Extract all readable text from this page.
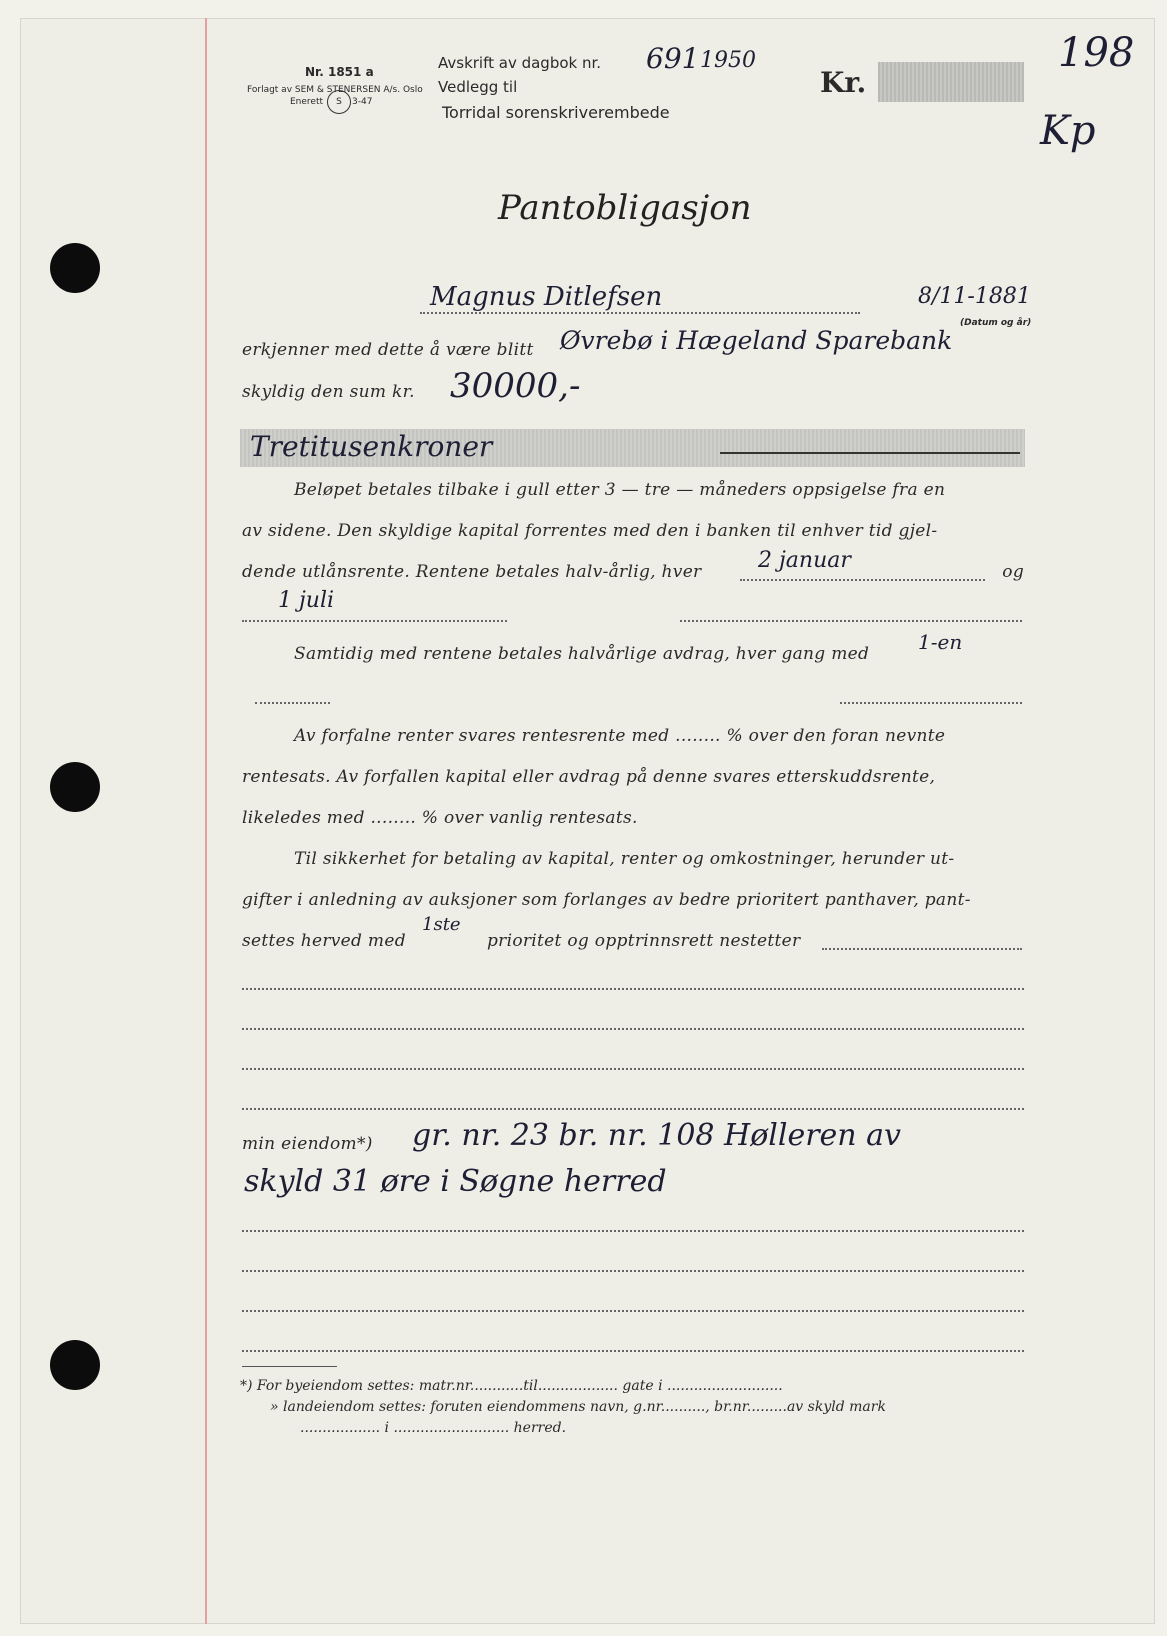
Nr. 1851 a
Forlagt av SEM & STENERSEN A/s. Oslo
Enerett	S	3-47
Avskrift av dagbok nr.
Vedlegg til
Torridal sorenskriverembede
691 1950
Kr.
198
Kp
Pantobligasjon
Magnus Ditlefsen	8/11-1881
(Datum og år)
erkjenner med dette å være blitt	Øvrebø i Hægeland Sparebank
skyldig den sum kr.	30000,-
Tretitusenkroner
Beløpet betales tilbake i gull etter 3 — tre — måneders oppsigelse fra en
av sidene. Den skyldige kapital forrentes med den i banken til enhver tid gjel-
dende utlånsrente. Rentene betales halv-årlig, hver	og
2 januar
1 juli
Samtidig med rentene betales halvårlige avdrag, hver gang med	1-en
Av forfalne renter svares rentesrente med ........ % over den foran nevnte
rentesats. Av forfallen kapital eller avdrag på denne svares etterskuddsrente,
likeledes med ........ % over vanlig rentesats.
Til sikkerhet for betaling av kapital, renter og omkostninger, herunder ut-
gifter i anledning av auksjoner som forlanges av bedre prioritert panthaver, pant-
settes herved med	prioritet og opptrinnsrett nestetter
1ste
min eiendom*)	gr. nr. 23 br. nr. 108 Hølleren av
skyld 31 øre i Søgne herred
*) For byeiendom settes: matr.nr............til.................. gate i ..........................
» landeiendom settes: foruten eiendommens navn, g.nr.........., br.nr.........av skyld mark
.................. i .......................... herred.
